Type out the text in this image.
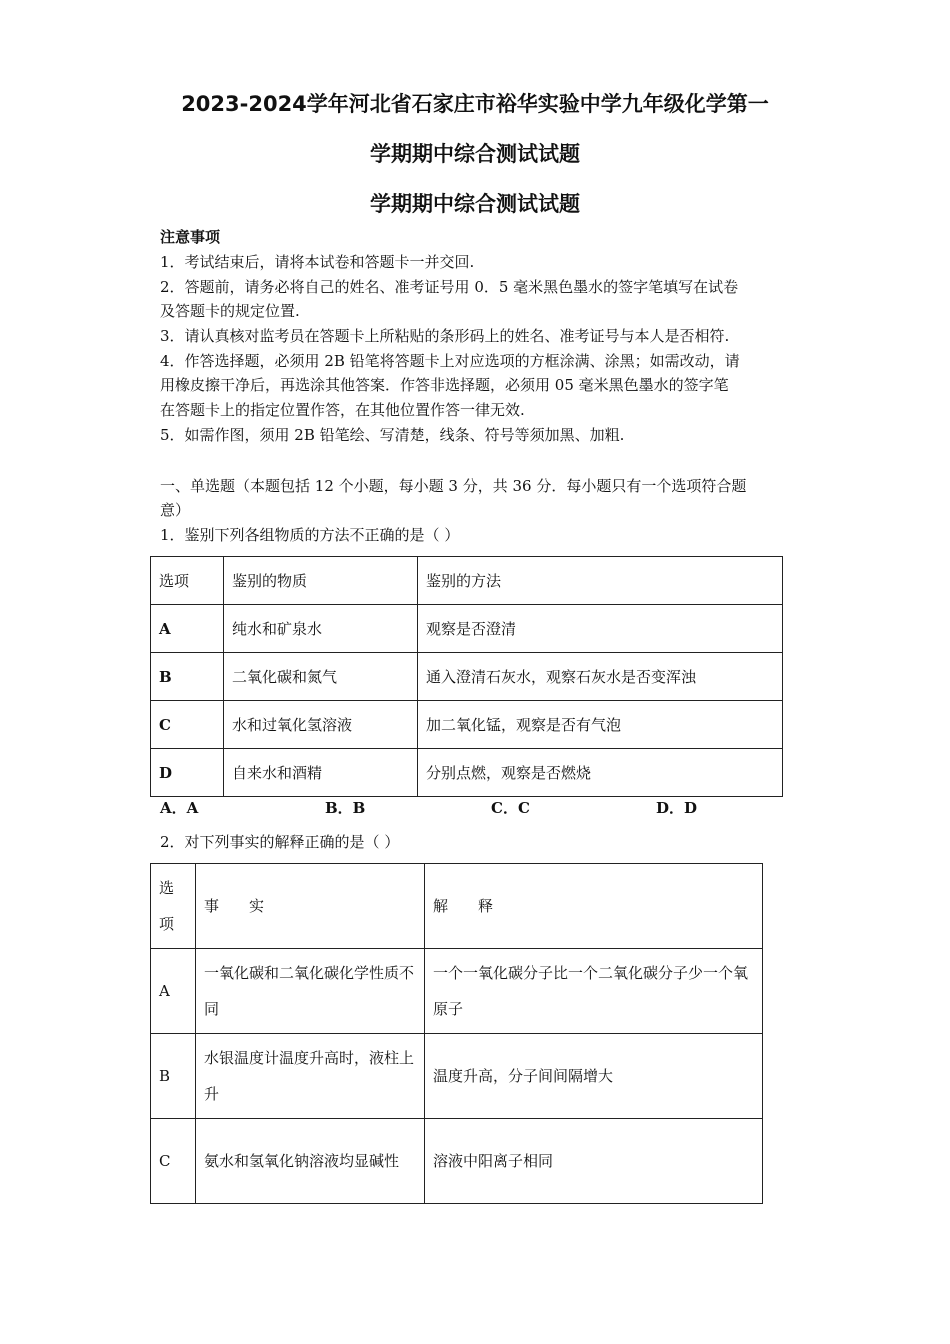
2023-2024学年河北省石家庄市裕华实验中学九年级化学第一
学期期中综合测试试题
学期期中综合测试试题
注意事项
1．考试结束后，请将本试卷和答题卡一并交回.
2．答题前，请务必将自己的姓名、准考证号用 0．5 毫米黑色墨水的签字笔填写在试卷
及答题卡的规定位置.
3．请认真核对监考员在答题卡上所粘贴的条形码上的姓名、准考证号与本人是否相符.
4．作答选择题，必须用 2B 铅笔将答题卡上对应选项的方框涂满、涂黑；如需改动，请
用橡皮擦干净后，再选涂其他答案．作答非选择题，必须用 05 毫米黑色墨水的签字笔
在答题卡上的指定位置作答，在其他位置作答一律无效.
5．如需作图，须用 2B 铅笔绘、写清楚，线条、符号等须加黑、加粗.
一、单选题（本题包括 12 个小题，每小题 3 分，共 36 分．每小题只有一个选项符合题
意）
1．鉴别下列各组物质的方法不正确的是（ ）
选项	鉴别的物质	鉴别的方法
A	纯水和矿泉水	观察是否澄清
B	二氧化碳和氮气	通入澄清石灰水，观察石灰水是否变浑浊
C	水和过氧化氢溶液	加二氧化锰，观察是否有气泡
D	自来水和酒精	分别点燃，观察是否燃烧
A．A	B．B	C．C	D．D
2．对下列事实的解释正确的是（ ）
选项	事　　实	解　　释
A	一氧化碳和二氧化碳化学性质不同	一个一氧化碳分子比一个二氧化碳分子少一个氧原子
B	水银温度计温度升高时，液柱上升	温度升高，分子间间隔增大
C	氨水和氢氧化钠溶液均显碱性	溶液中阳离子相同
